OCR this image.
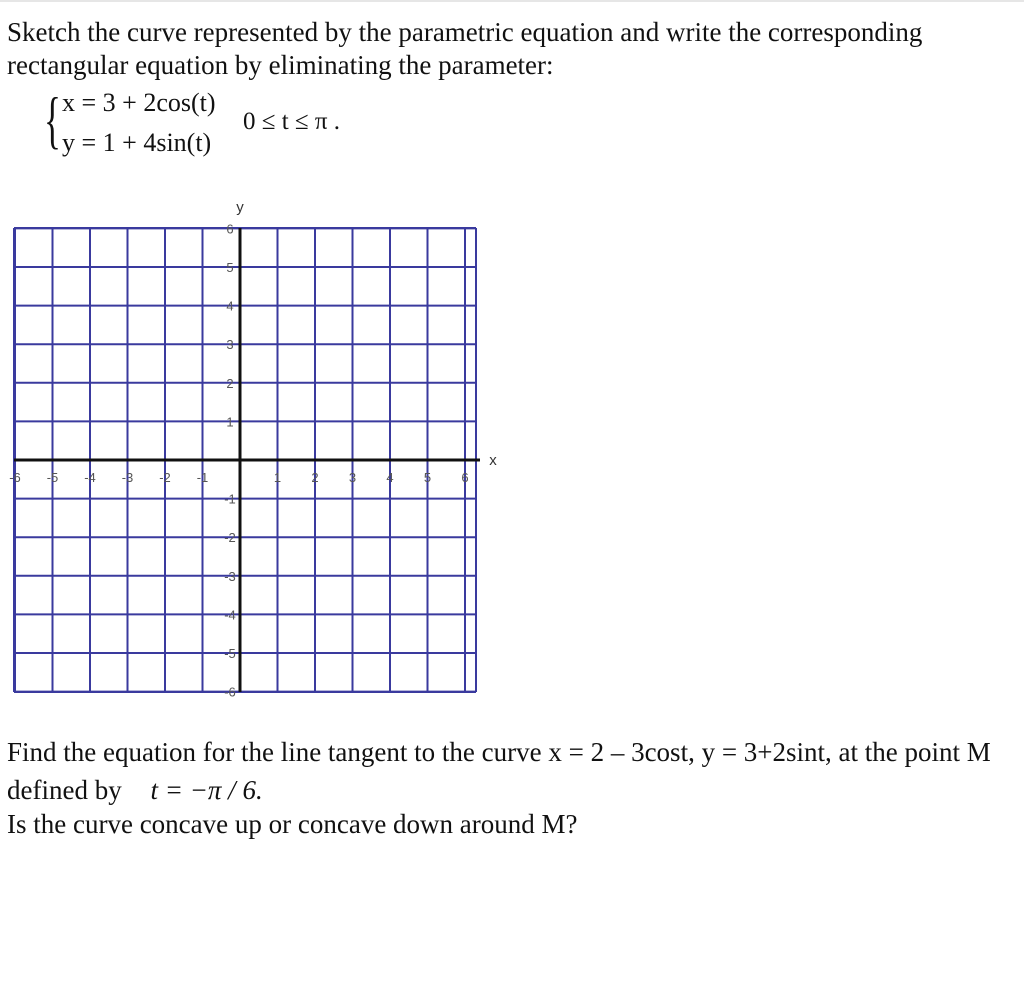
Sketch the curve represented by the parametric equation and write the corresponding rectangular equation by eliminating the parameter:
{ x = 3 + 2cos(t)
y = 1 + 4sin(t)
0 ≤ t ≤ π .
-6 -5 -4 -3 -2 -1	1 2 3 4 5 6
6
5
4
3
2
1
-1
-2
-3
-4
-5
-6
y
x
Find the equation for the line tangent to the curve x = 2 – 3cost, y = 3+2sint, at the point M
defined by t = −π / 6.
Is the curve concave up or concave down around M?
